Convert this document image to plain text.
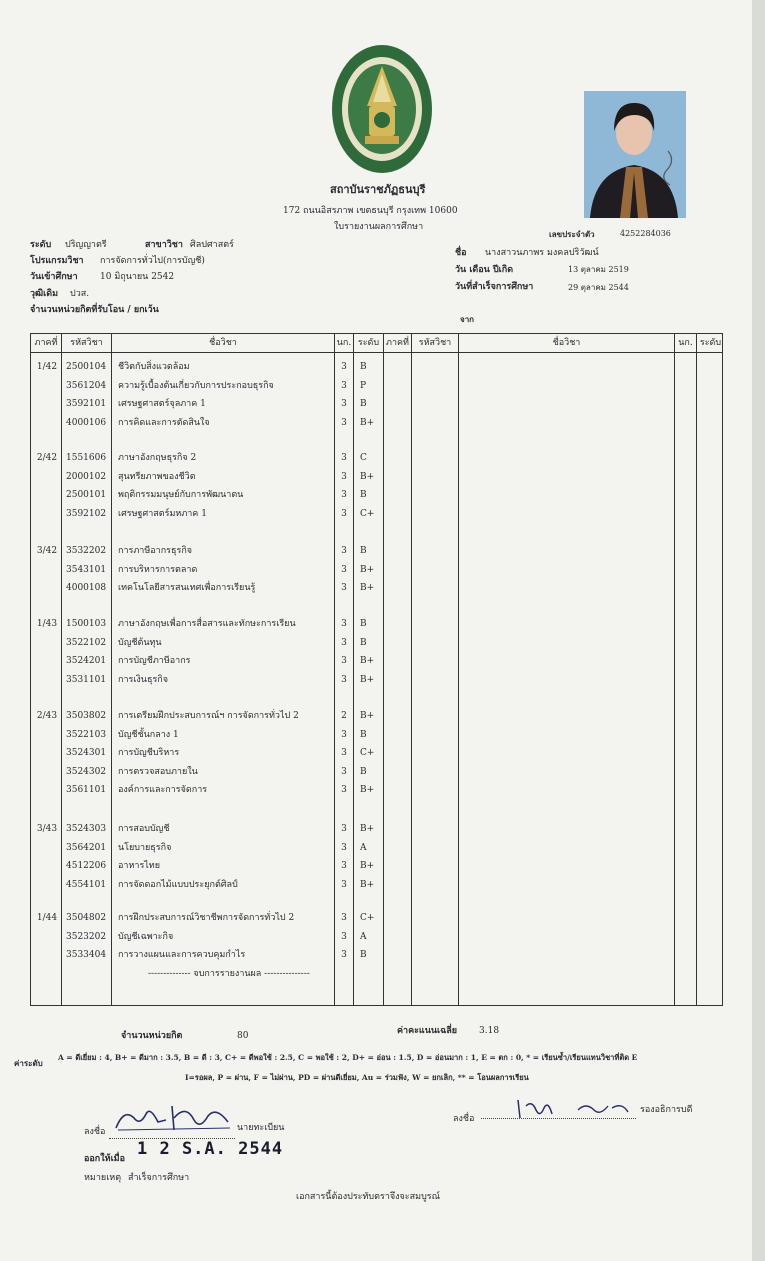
สถาบันราชภัฏธนบุรี
172 ถนนอิสรภาพ เขตธนบุรี กรุงเทพ 10600
ใบรายงานผลการศึกษา
เลขประจำตัว	4252284036
ระดับ ปริญญาตรี	สาขาวิชา ศิลปศาสตร์
โปรแกรมวิชา การจัดการทั่วไป(การบัญชี)
วันเข้าศึกษา 10 มิถุนายน 2542
วุฒิเดิม ปวส.
จำนวนหน่วยกิตที่รับโอน / ยกเว้น
ชื่อ นางสาวนภาพร มงคลปริวัฒน์
วัน เดือน ปีเกิด	13 ตุลาคม 2519
วันที่สำเร็จการศึกษา	29 ตุลาคม 2544
จาก
ภาคที่	รหัสวิชา	ชื่อวิชา	นก. ระดับ ภาคที่	รหัสวิชา	ชื่อวิชา	นก. ระดับ
1/42 2500104	ชีวิตกับสิ่งแวดล้อม	3	B
3561204	ความรู้เบื้องต้นเกี่ยวกับการประกอบธุรกิจ	3	P
3592101	เศรษฐศาสตร์จุลภาค 1	3	B
4000106	การคิดและการตัดสินใจ	3	B+
2/42 1551606	ภาษาอังกฤษธุรกิจ 2	3	C
2000102	สุนทรียภาพของชีวิต	3	B+
2500101	พฤติกรรมมนุษย์กับการพัฒนาตน	3	B
3592102	เศรษฐศาสตร์มหภาค 1	3	C+
3/42 3532202	การภาษีอากรธุรกิจ	3	B
3543101	การบริหารการตลาด	3	B+
4000108	เทคโนโลยีสารสนเทศเพื่อการเรียนรู้	3	B+
1/43 1500103	ภาษาอังกฤษเพื่อการสื่อสารและทักษะการเรียน	3	B
3522102	บัญชีต้นทุน	3	B
3524201	การบัญชีภาษีอากร	3	B+
3531101	การเงินธุรกิจ	3	B+
2/43 3503802	การเตรียมฝึกประสบการณ์ฯ การจัดการทั่วไป 2	2	B+
3522103	บัญชีชั้นกลาง 1	3	B
3524301	การบัญชีบริหาร	3	C+
3524302	การตรวจสอบภายใน	3	B
3561101	องค์การและการจัดการ	3	B+
3/43 3524303	การสอบบัญชี	3	B+
3564201	นโยบายธุรกิจ	3	A
4512206	อาหารไทย	3	B+
4554101	การจัดดอกไม้แบบประยุกต์ศิลป์	3	B+
1/44 3504802	การฝึกประสบการณ์วิชาชีพการจัดการทั่วไป 2	3	C+
3523202	บัญชีเฉพาะกิจ	3	A
3533404	การวางแผนและการควบคุมกำไร	3	B
-------------- จบการรายงานผล ---------------
จำนวนหน่วยกิต	80	ค่าคะแนนเฉลี่ย 3.18
ค่าระดับ
A = ดีเยี่ยม : 4, B+ = ดีมาก : 3.5, B = ดี : 3, C+ = ดีพอใช้ : 2.5, C = พอใช้ : 2, D+ = อ่อน : 1.5, D = อ่อนมาก : 1, E = ตก : 0, * = เรียนซ้ำ/เรียนแทนวิชาที่ติด E
I=รอผล, P = ผ่าน, F = ไม่ผ่าน, PD = ผ่านดีเยี่ยม, Au = ร่วมฟัง, W = ยกเลิก, ** = โอนผลการเรียน
ลงชื่อ	นายทะเบียน
ลงชื่อ
รองอธิการบดี
ออกให้เมื่อ 1 2 S.A. 2544
หมายเหตุ สำเร็จการศึกษา
เอกสารนี้ต้องประทับตราจึงจะสมบูรณ์
